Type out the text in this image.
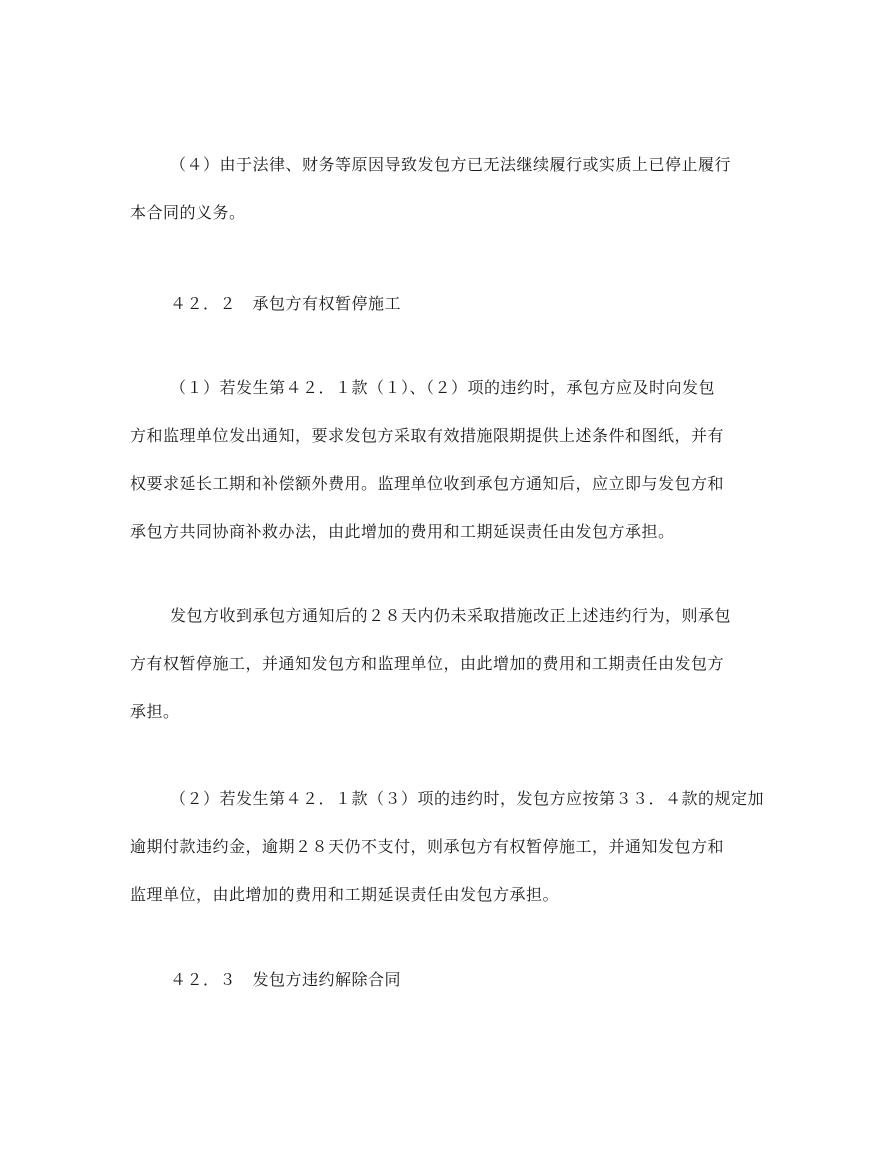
（４）由于法律、财务等原因导致发包方已无法继续履行或实质上已停止履行

本合同的义务。

４２．２　承包方有权暂停施工

（１）若发生第４２．１款（１）、（２）项的违约时，承包方应及时向发包

方和监理单位发出通知，要求发包方采取有效措施限期提供上述条件和图纸，并有

权要求延长工期和补偿额外费用。监理单位收到承包方通知后，应立即与发包方和

承包方共同协商补救办法，由此增加的费用和工期延误责任由发包方承担。

发包方收到承包方通知后的２８天内仍未采取措施改正上述违约行为，则承包

方有权暂停施工，并通知发包方和监理单位，由此增加的费用和工期责任由发包方

承担。

（２）若发生第４２．１款（３）项的违约时，发包方应按第３３．４款的规定加

逾期付款违约金，逾期２８天仍不支付，则承包方有权暂停施工，并通知发包方和

监理单位，由此增加的费用和工期延误责任由发包方承担。

４２．３　发包方违约解除合同
